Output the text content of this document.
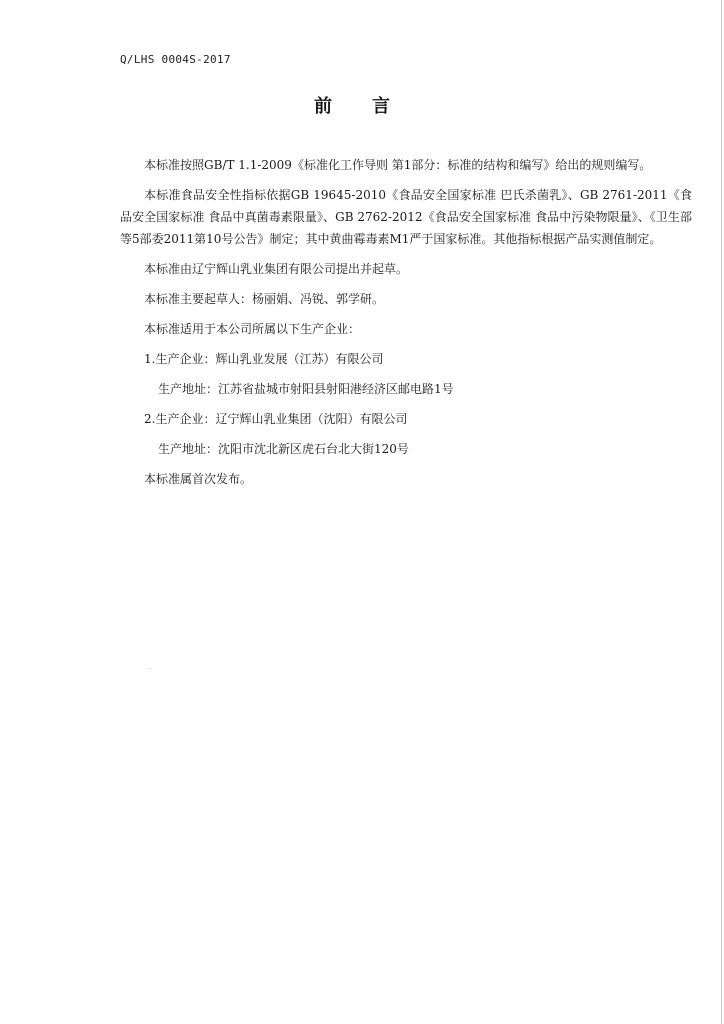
Q/LHS 0004S-2017
前言

本标准按照GB/T 1.1-2009《标准化工作导则 第1部分：标准的结构和编写》给出的规则编写。

本标准食品安全性指标依据GB 19645-2010《食品安全国家标准 巴氏杀菌乳》、GB 2761-2011《食品安全国家标准 食品中真菌毒素限量》、GB 2762-2012《食品安全国家标准 食品中污染物限量》、《卫生部等5部委2011第10号公告》制定；其中黄曲霉毒素M1严于国家标准。其他指标根据产品实测值制定。

本标准由辽宁辉山乳业集团有限公司提出并起草。

本标准主要起草人：杨丽娟、冯锐、郭学研。

本标准适用于本公司所属以下生产企业：

1.生产企业：辉山乳业发展（江苏）有限公司

生产地址：江苏省盐城市射阳县射阳港经济区邮电路1号

2.生产企业：辽宁辉山乳业集团（沈阳）有限公司

生产地址：沈阳市沈北新区虎石台北大街120号

本标准属首次发布。
